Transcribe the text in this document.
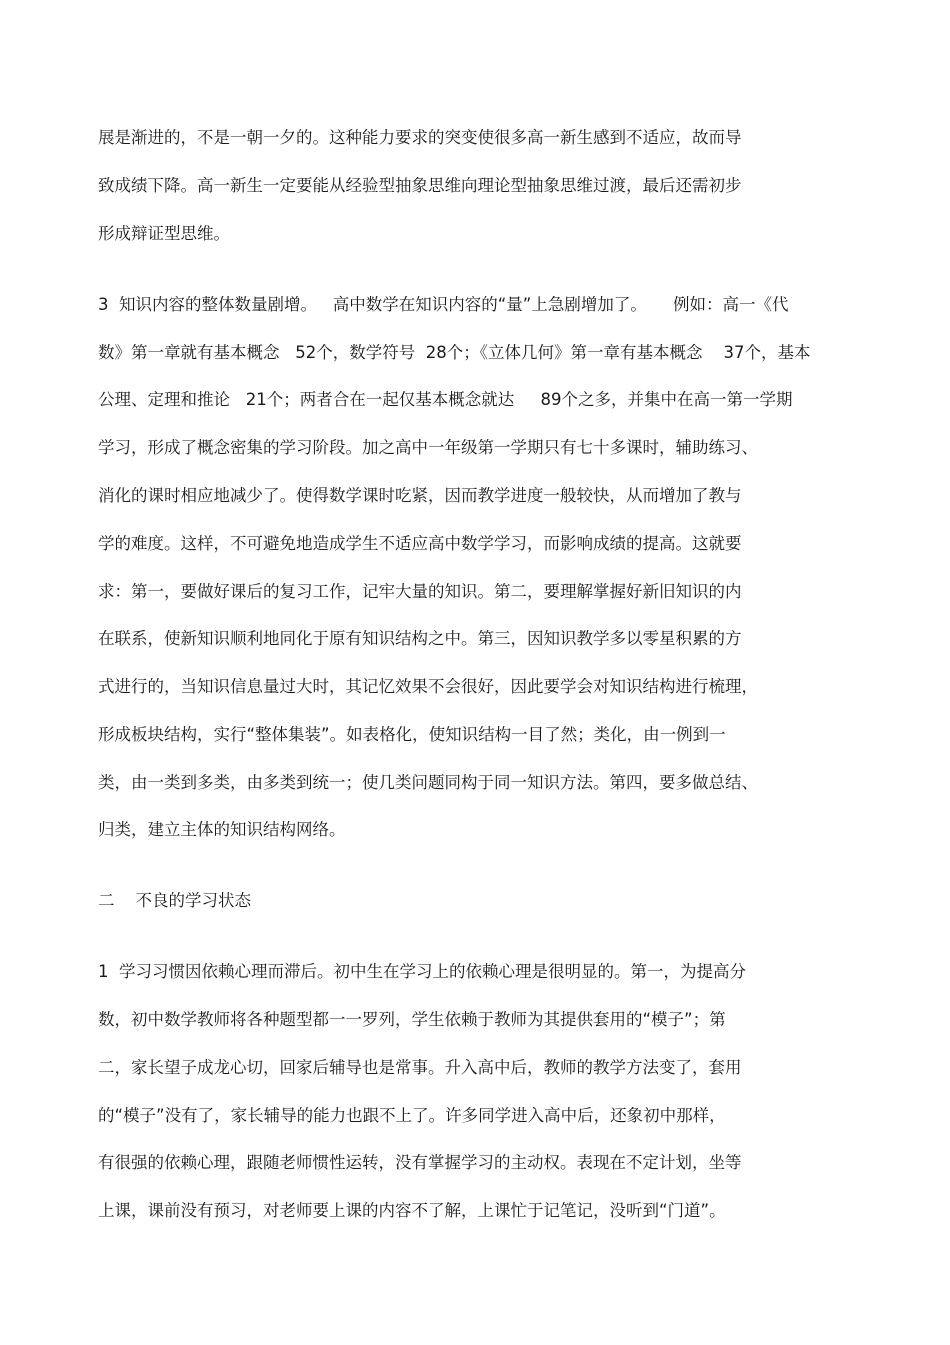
展是渐进的，不是一朝一夕的。这种能力要求的突变使很多高一新生感到不适应，故而导
致成绩下降。高一新生一定要能从经验型抽象思维向理论型抽象思维过渡，最后还需初步
形成辩证型思维。
3  知识内容的整体数量剧增。   高中数学在知识内容的“量”上急剧增加了。     例如：高一《代
数》第一章就有基本概念   52个，数学符号  28个；《立体几何》第一章有基本概念    37个，基本
公理、定理和推论   21个；两者合在一起仅基本概念就达     89个之多，并集中在高一第一学期
学习，形成了概念密集的学习阶段。加之高中一年级第一学期只有七十多课时，辅助练习、
消化的课时相应地减少了。使得数学课时吃紧，因而教学进度一般较快，从而增加了教与
学的难度。这样，不可避免地造成学生不适应高中数学学习，而影响成绩的提高。这就要
求：第一，要做好课后的复习工作，记牢大量的知识。第二，要理解掌握好新旧知识的内
在联系，使新知识顺利地同化于原有知识结构之中。第三，因知识教学多以零星积累的方
式进行的，当知识信息量过大时，其记忆效果不会很好，因此要学会对知识结构进行梳理，
形成板块结构，实行“整体集装”。如表格化，使知识结构一目了然；类化，由一例到一
类，由一类到多类，由多类到统一；使几类问题同构于同一知识方法。第四，要多做总结、
归类，建立主体的知识结构网络。
二    不良的学习状态
1  学习习惯因依赖心理而滞后。初中生在学习上的依赖心理是很明显的。第一，为提高分
数，初中数学教师将各种题型都一一罗列，学生依赖于教师为其提供套用的“模子”；第
二，家长望子成龙心切，回家后辅导也是常事。升入高中后，教师的教学方法变了，套用
的“模子”没有了，家长辅导的能力也跟不上了。许多同学进入高中后，还象初中那样，
有很强的依赖心理，跟随老师惯性运转，没有掌握学习的主动权。表现在不定计划，坐等
上课，课前没有预习，对老师要上课的内容不了解，上课忙于记笔记，没听到“门道”。
